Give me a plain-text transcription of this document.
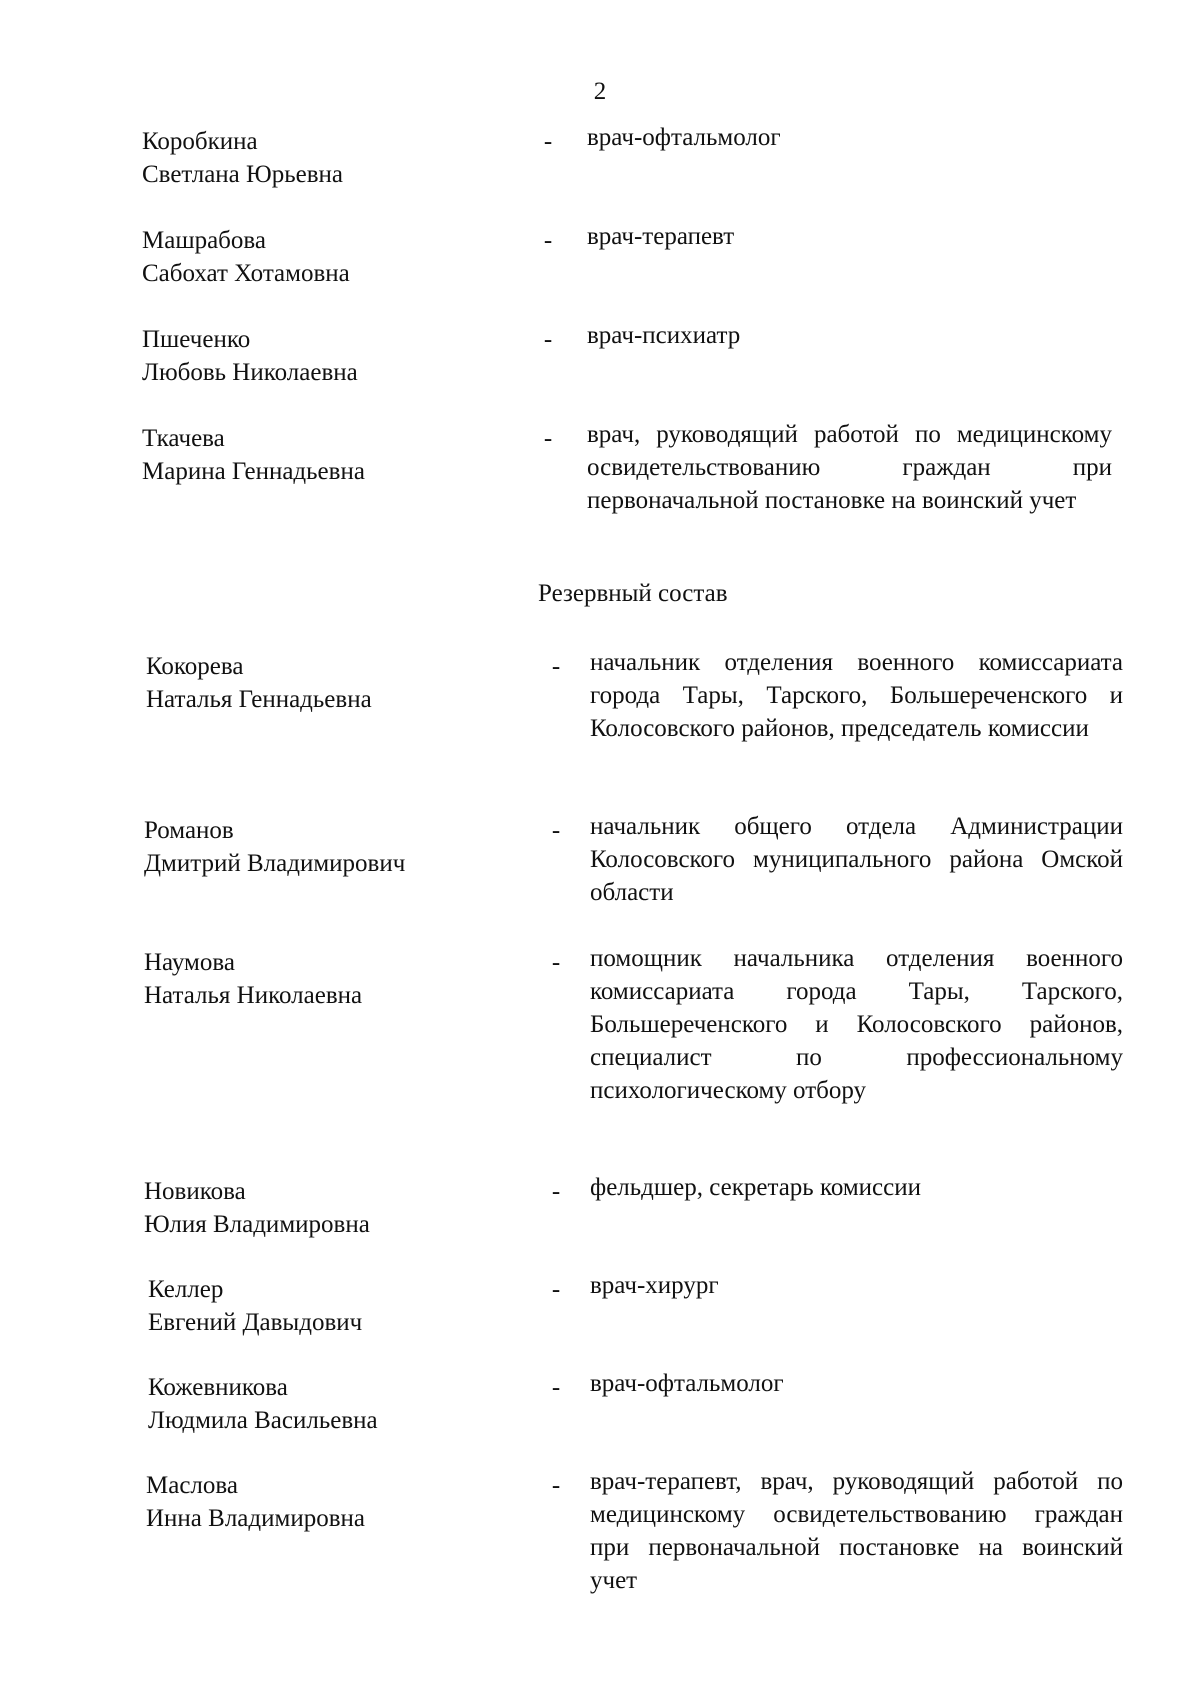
2
Коробкина
Светлана Юрьевна
- врач-офтальмолог
Машрабова
Сабохат Хотамовна
- врач-терапевт
Пшеченко
Любовь Николаевна
- врач-психиатр
Ткачева
Марина Геннадьевна
- врач, руководящий работой по медицинскому освидетельствованию граждан при первоначальной постановке на воинский учет
Резервный состав
Кокорева
Наталья Геннадьевна
- начальник отделения военного комиссариата города Тары, Тарского, Большереченского и Колосовского районов, председатель комиссии
Романов
Дмитрий Владимирович
- начальник общего отдела Администрации Колосовского муниципального района Омской области
Наумова
Наталья Николаевна
- помощник начальника отделения военного комиссариата города Тары, Тарского, Большереченского и Колосовского районов, специалист по профессиональному психологическому отбору
Новикова
Юлия Владимировна
- фельдшер, секретарь комиссии
Келлер
Евгений Давыдович
- врач-хирург
Кожевникова
Людмила Васильевна
- врач-офтальмолог
Маслова
Инна Владимировна
- врач-терапевт, врач, руководящий работой по медицинскому освидетельствованию граждан при первоначальной постановке на воинский учет
